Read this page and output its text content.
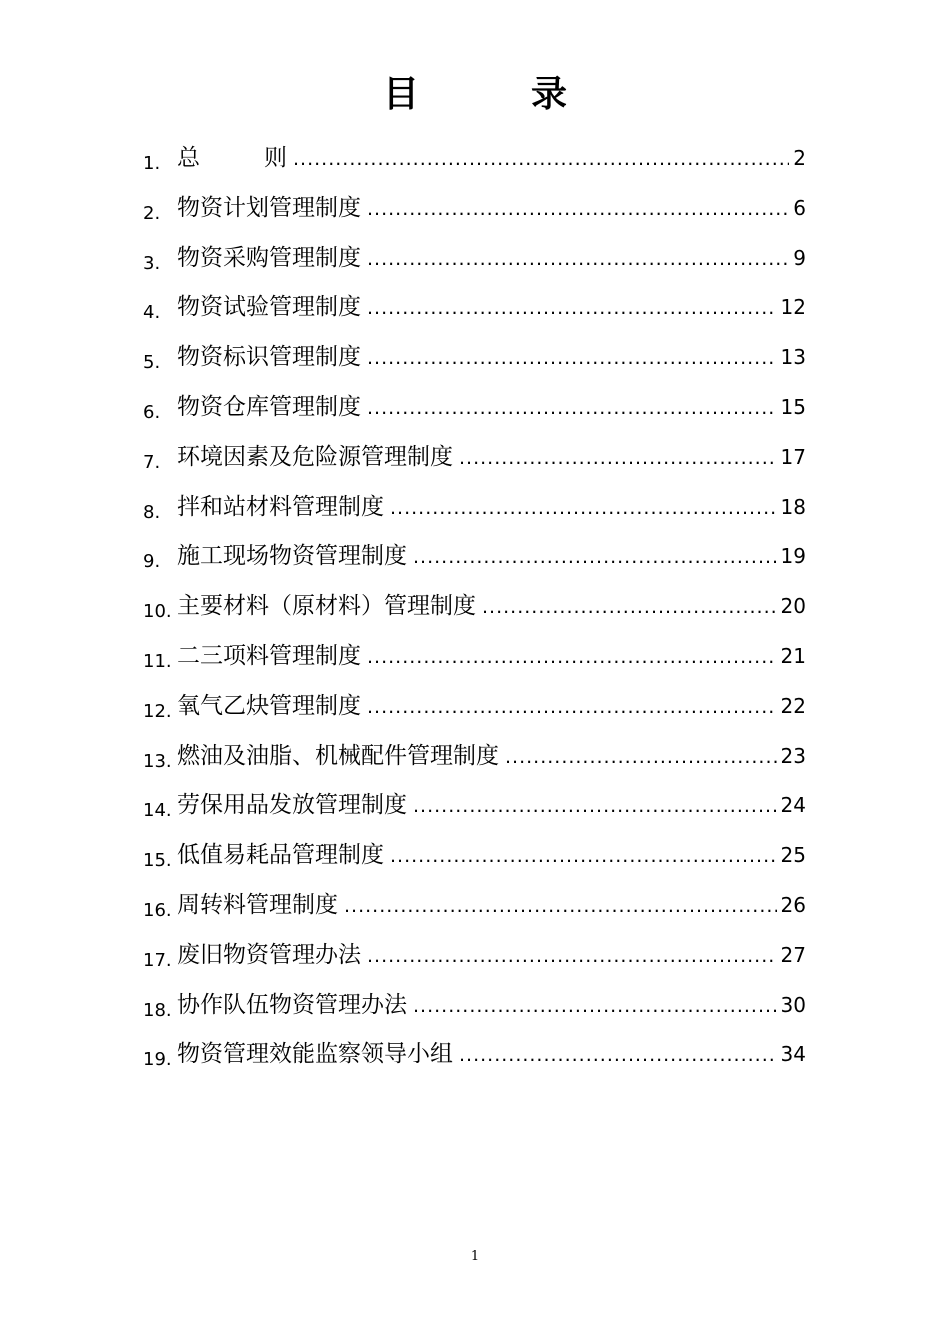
目录
1. 总则 .....	2
2. 物资计划管理制度 .....	6
3. 物资采购管理制度 .....	9
4. 物资试验管理制度 .....	12
5. 物资标识管理制度 .....	13
6. 物资仓库管理制度 .....	15
7. 环境因素及危险源管理制度 .....	17
8. 拌和站材料管理制度 .....	18
9. 施工现场物资管理制度 .....	19
10. 主要材料（原材料）管理制度 .....	20
11. 二三项料管理制度 .....	21
12. 氧气乙炔管理制度 .....	22
13. 燃油及油脂、机械配件管理制度 .....	23
14. 劳保用品发放管理制度 .....	24
15. 低值易耗品管理制度 .....	25
16. 周转料管理制度 .....	26
17. 废旧物资管理办法 .....	27
18. 协作队伍物资管理办法 .....	30
19. 物资管理效能监察领导小组 .....	34
1
